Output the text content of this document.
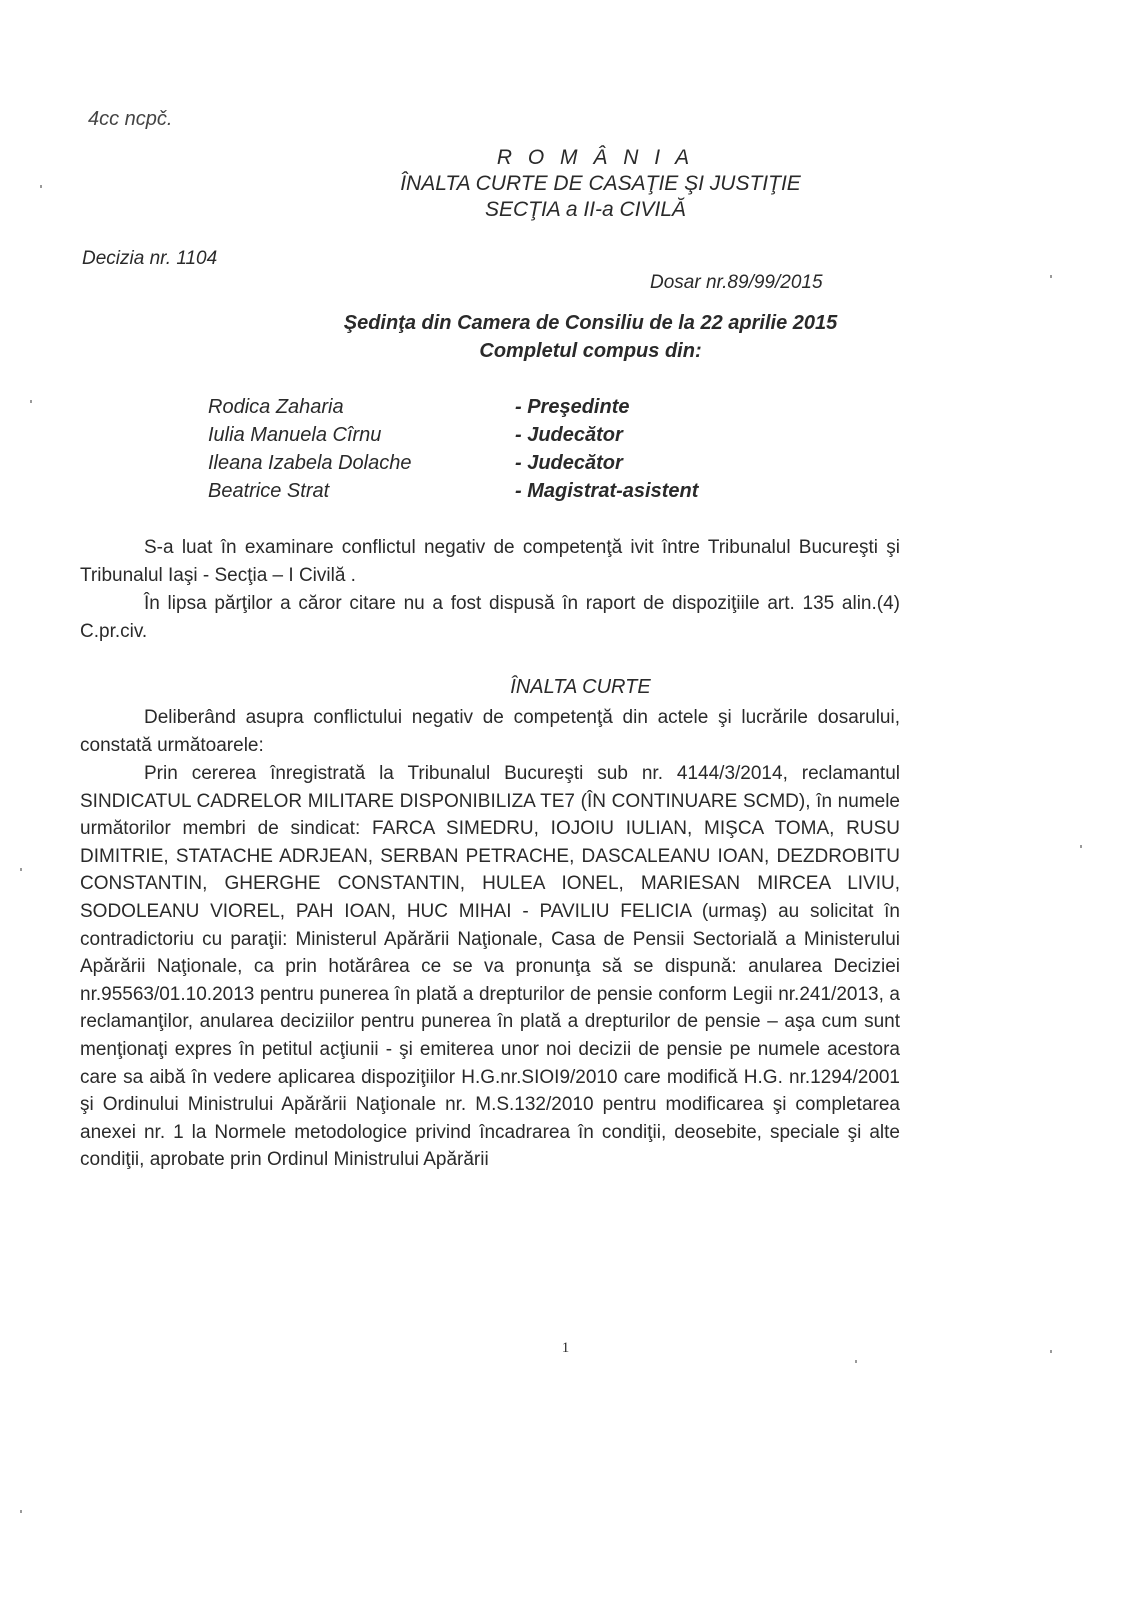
4cc ncpč.
R O M Â N I A
ÎNALTA CURTE DE CASAŢIE ŞI JUSTIŢIE
SECŢIA a II-a CIVILĂ
Decizia nr. 1104
Dosar nr.89/99/2015
Şedinţa din Camera de Consiliu de la 22 aprilie 2015
Completul compus din:
Rodica Zaharia	- Preşedinte
Iulia Manuela Cîrnu	- Judecător
Ileana Izabela Dolache	- Judecător
Beatrice Strat	- Magistrat-asistent
S-a luat în examinare conflictul negativ de competenţă ivit între Tribunalul Bucureşti şi Tribunalul Iaşi - Secţia – I Civilă .
În lipsa părţilor a căror citare nu a fost dispusă în raport de dispoziţiile art. 135 alin.(4) C.pr.civ.
ÎNALTA CURTE
Deliberând asupra conflictului negativ de competenţă din actele şi lucrările dosarului, constată următoarele:
Prin cererea înregistrată la Tribunalul Bucureşti sub nr. 4144/3/2014, reclamantul SINDICATUL CADRELOR MILITARE DISPONIBILIZA TE7 (ÎN CONTINUARE SCMD), în numele următorilor membri de sindicat: FARCA SIMEDRU, IOJOIU IULIAN, MIŞCA TOMA, RUSU DIMITRIE, STATACHE ADRJEAN, SERBAN PETRACHE, DASCALEANU IOAN, DEZDROBITU CONSTANTIN, GHERGHE CONSTANTIN, HULEA IONEL, MARIESAN MIRCEA LIVIU, SODOLEANU VIOREL, PAH IOAN, HUC MIHAI - PAVILIU FELICIA (urmaş) au solicitat în contradictoriu cu paraţii: Ministerul Apărării Naţionale, Casa de Pensii Sectorială a Ministerului Apărării Naţionale, ca prin hotărârea ce se va pronunţa să se dispună: anularea Deciziei nr.95563/01.10.2013 pentru punerea în plată a drepturilor de pensie conform Legii nr.241/2013, a reclamanţilor, anularea deciziilor pentru punerea în plată a drepturilor de pensie – aşa cum sunt menţionaţi expres în petitul acţiunii - şi emiterea unor noi decizii de pensie pe numele acestora care sa aibă în vedere aplicarea dispoziţiilor H.G.nr.SIOI9/2010 care modifică H.G. nr.1294/2001 şi Ordinului Ministrului Apărării Naţionale nr. M.S.132/2010 pentru modificarea şi completarea anexei nr. 1 la Normele metodologice privind încadrarea în condiţii, deosebite, speciale şi alte condiţii, aprobate prin Ordinul Ministrului Apărării
1
